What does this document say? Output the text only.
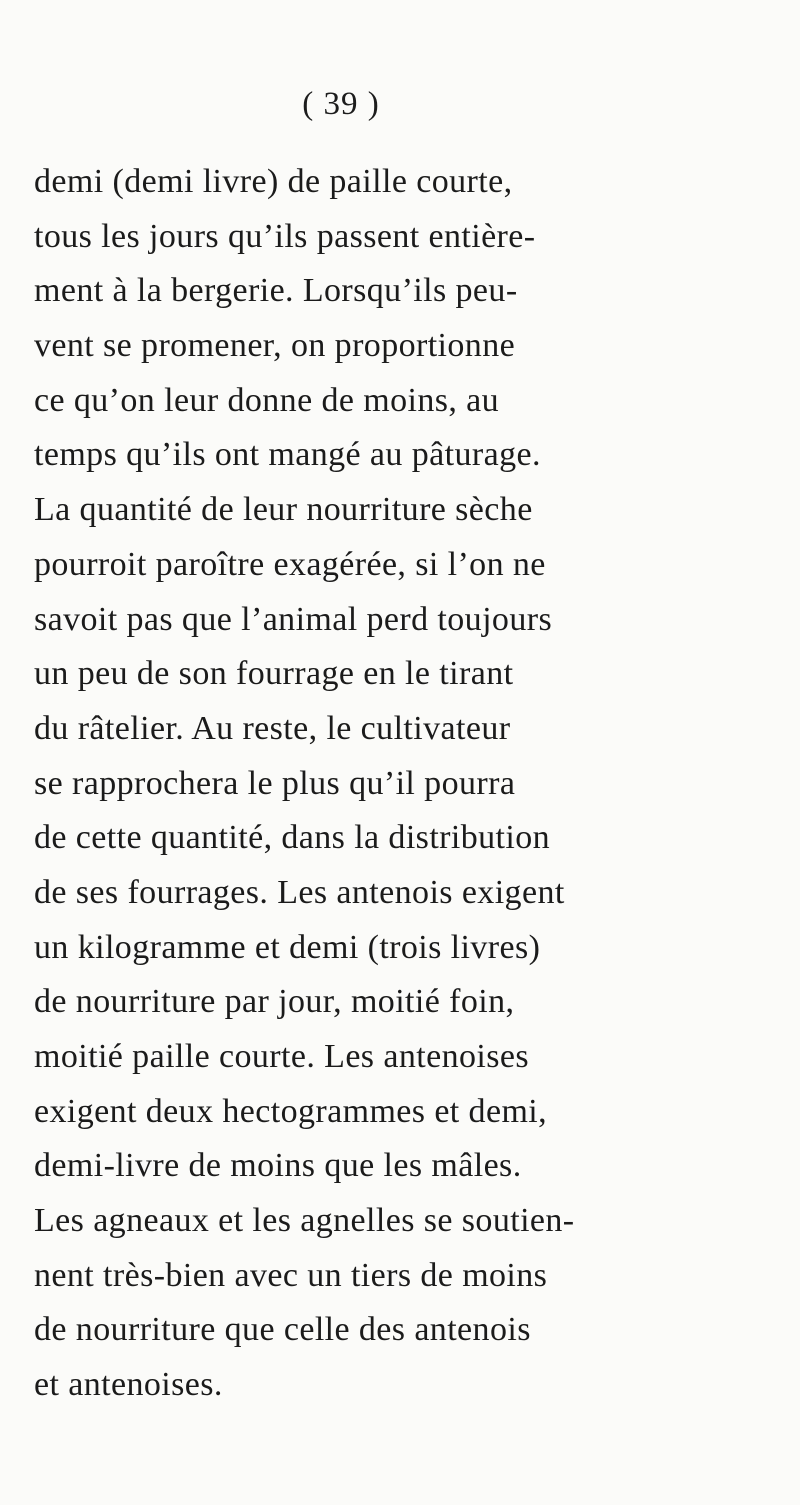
( 39 )
demi (demi livre) de paille courte,
tous les jours qu’ils passent entière-
ment à la bergerie. Lorsqu’ils peu-
vent se promener, on proportionne
ce qu’on leur donne de moins, au
temps qu’ils ont mangé au pâturage.
La quantité de leur nourriture sèche
pourroit paroître exagérée, si l’on ne
savoit pas que l’animal perd toujours
un peu de son fourrage en le tirant
du râtelier. Au reste, le cultivateur
se rapprochera le plus qu’il pourra
de cette quantité, dans la distribution
de ses fourrages. Les antenois exigent
un kilogramme et demi (trois livres)
de nourriture par jour, moitié foin,
moitié paille courte. Les antenoises
exigent deux hectogrammes et demi,
demi-livre de moins que les mâles.
Les agneaux et les agnelles se soutien-
nent très-bien avec un tiers de moins
de nourriture que celle des antenois
et antenoises.
